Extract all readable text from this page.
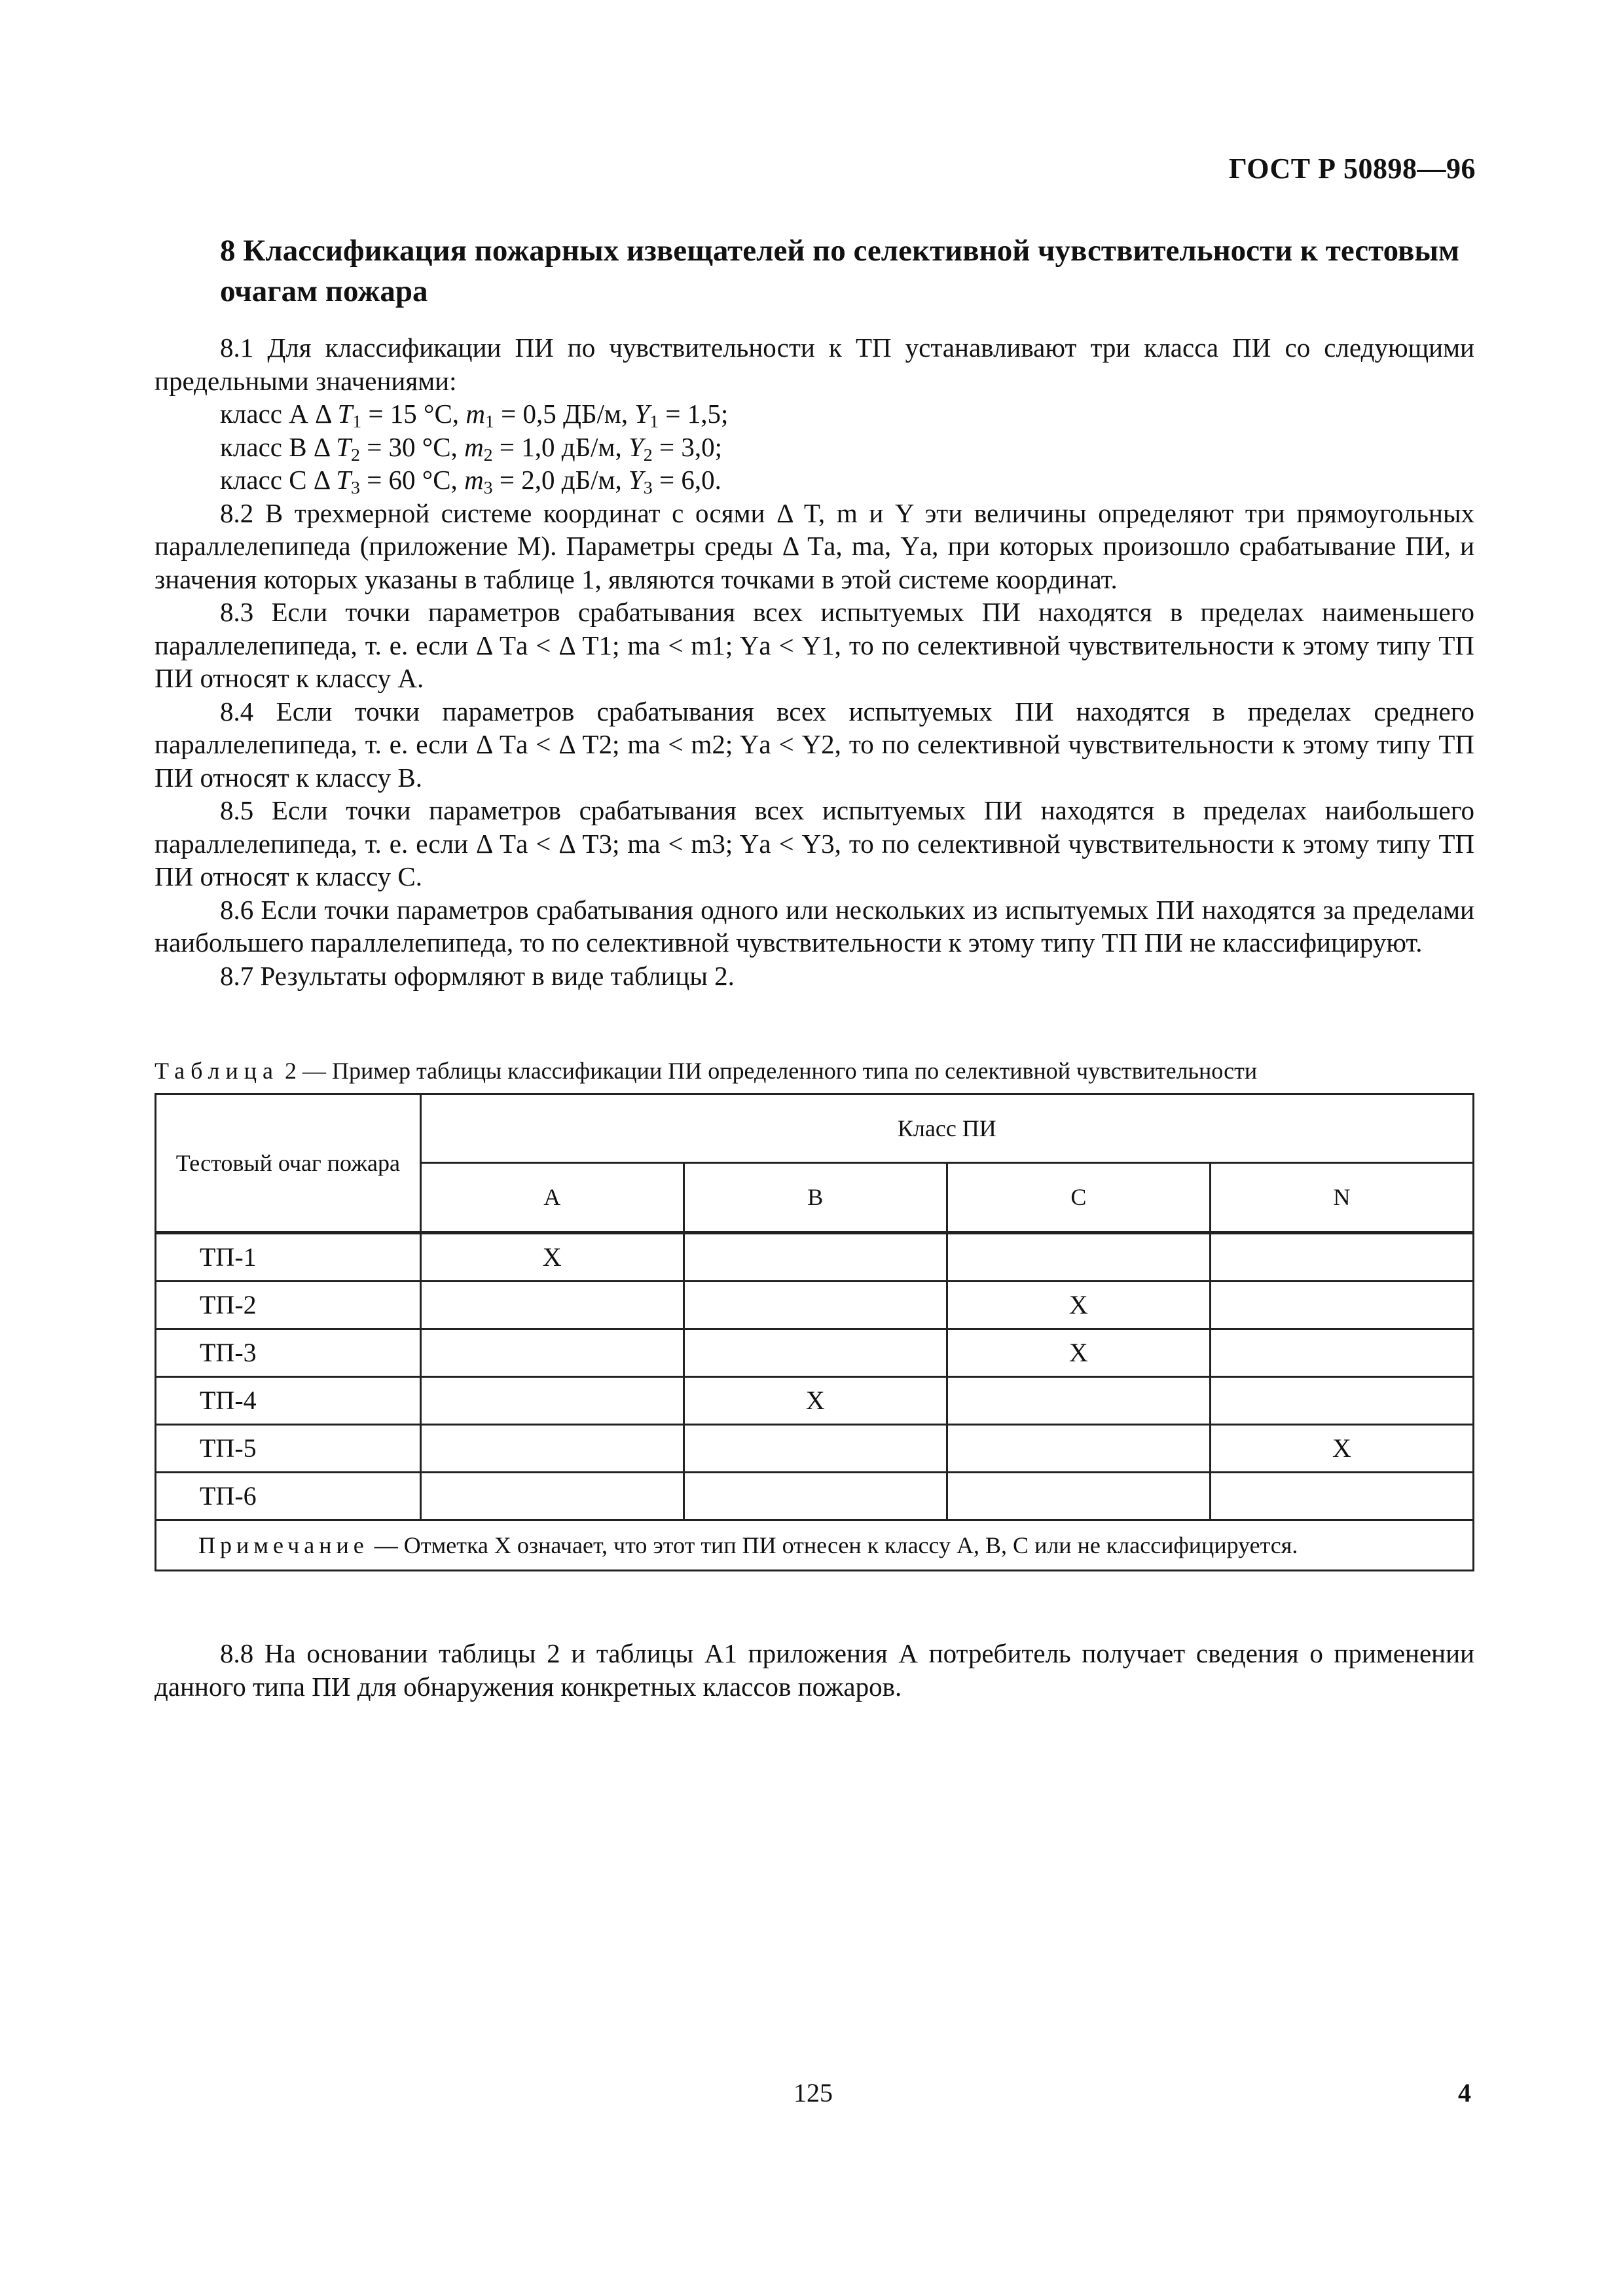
ГОСТ Р 50898—96
8 Классификация пожарных извещателей по селективной чувствительности к тестовым очагам пожара

8.1 Для классификации ПИ по чувствительности к ТП устанавливают три класса ПИ со следующими предельными значениями:

класс А Δ $T_1 = 15$ °С, $m_1 = 0,5$ ДБ/м, $Y_1 = 1,5$;

класс В Δ $T_2 = 30$ °С, $m_2 = 1,0$ дБ/м, $Y_2 = 3,0$;

класс С Δ $T_3 = 60$ °С, $m_3 = 2,0$ дБ/м, $Y_3 = 6,0$.

8.2 В трехмерной системе координат с осями Δ T, m и Y эти величины определяют три прямоугольных параллелепипеда (приложение М). Параметры среды Δ Tа, mа, Yа, при которых произошло срабатывание ПИ, и значения которых указаны в таблице 1, являются точками в этой системе координат.

8.3 Если точки параметров срабатывания всех испытуемых ПИ находятся в пределах наименьшего параллелепипеда, т. е. если Δ Tа < Δ T1; mа < m1; Yа < Y1, то по селективной чувствительности к этому типу ТП ПИ относят к классу А.

8.4 Если точки параметров срабатывания всех испытуемых ПИ находятся в пределах среднего параллелепипеда, т. е. если Δ Tа < Δ T2; mа < m2; Yа < Y2, то по селективной чувствительности к этому типу ТП ПИ относят к классу В.

8.5 Если точки параметров срабатывания всех испытуемых ПИ находятся в пределах наибольшего параллелепипеда, т. е. если Δ Tа < Δ T3; mа < m3; Yа < Y3, то по селективной чувствительности к этому типу ТП ПИ относят к классу С.

8.6 Если точки параметров срабатывания одного или нескольких из испытуемых ПИ находятся за пределами наибольшего параллелепипеда, то по селективной чувствительности к этому типу ТП ПИ не классифицируют.

8.7 Результаты оформляют в виде таблицы 2.

Таблица 2 — Пример таблицы классификации ПИ определенного типа по селективной чувствительности

Тестовый очаг пожара	Класс ПИ			
	А	В	С	N
ТП-1	X			
ТП-2			X	
ТП-3			X	
ТП-4		X		
ТП-5				X
ТП-6				
Примечание — Отметка X означает, что этот тип ПИ отнесен к классу А, В, С или не классифицируется.				

8.8 На основании таблицы 2 и таблицы А1 приложения А потребитель получает сведения о применении данного типа ПИ для обнаружения конкретных классов пожаров.

125	4
